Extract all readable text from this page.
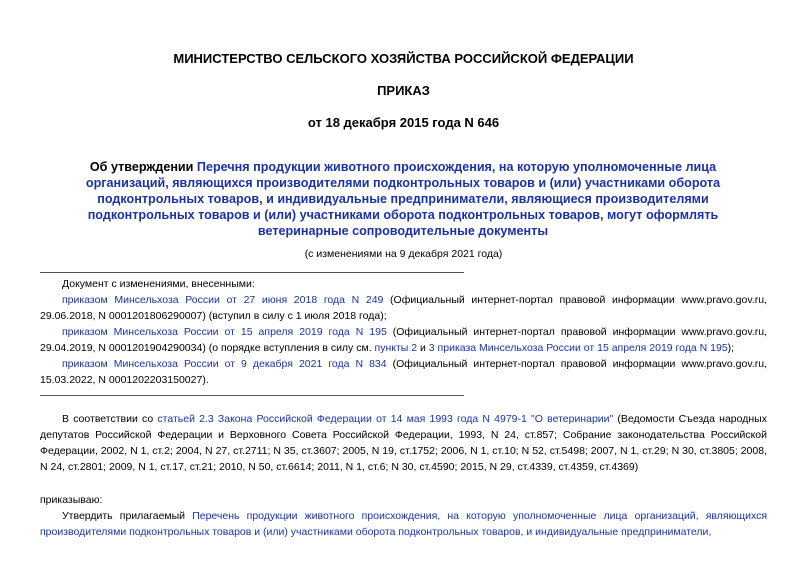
МИНИСТЕРСТВО СЕЛЬСКОГО ХОЗЯЙСТВА РОССИЙСКОЙ ФЕДЕРАЦИИ
ПРИКАЗ
от 18 декабря 2015 года N 646
Об утверждении Перечня продукции животного происхождения, на которую уполномоченные лица организаций, являющихся производителями подконтрольных товаров и (или) участниками оборота подконтрольных товаров, и индивидуальные предприниматели, являющиеся производителями подконтрольных товаров и (или) участниками оборота подконтрольных товаров, могут оформлять ветеринарные сопроводительные документы
(с изменениями на 9 декабря 2021 года)
Документ с изменениями, внесенными:
приказом Минсельхоза России от 27 июня 2018 года N 249 (Официальный интернет-портал правовой информации www.pravo.gov.ru, 29.06.2018, N 0001201806290007) (вступил в силу с 1 июля 2018 года);
приказом Минсельхоза России от 15 апреля 2019 года N 195 (Официальный интернет-портал правовой информации www.pravo.gov.ru, 29.04.2019, N 0001201904290034) (о порядке вступления в силу см. пункты 2 и 3 приказа Минсельхоза России от 15 апреля 2019 года N 195);
приказом Минсельхоза России от 9 декабря 2021 года N 834 (Официальный интернет-портал правовой информации www.pravo.gov.ru, 15.03.2022, N 0001202203150027).
В соответствии со статьей 2.3 Закона Российской Федерации от 14 мая 1993 года N 4979-1 "О ветеринарии" (Ведомости Съезда народных депутатов Российской Федерации и Верховного Совета Российской Федерации, 1993, N 24, ст.857; Собрание законодательства Российской Федерации, 2002, N 1, ст.2; 2004, N 27, ст.2711; N 35, ст.3607; 2005, N 19, ст.1752; 2006, N 1, ст.10; N 52, ст.5498; 2007, N 1, ст.29; N 30, ст.3805; 2008, N 24, ст.2801; 2009, N 1, ст.17, ст.21; 2010, N 50, ст.6614; 2011, N 1, ст.6; N 30, ст.4590; 2015, N 29, ст.4339, ст.4359, ст.4369)
приказываю:
Утвердить прилагаемый Перечень продукции животного происхождения, на которую уполномоченные лица организаций, являющихся производителями подконтрольных товаров и (или) участниками оборота подконтрольных товаров, и индивидуальные предприниматели,
